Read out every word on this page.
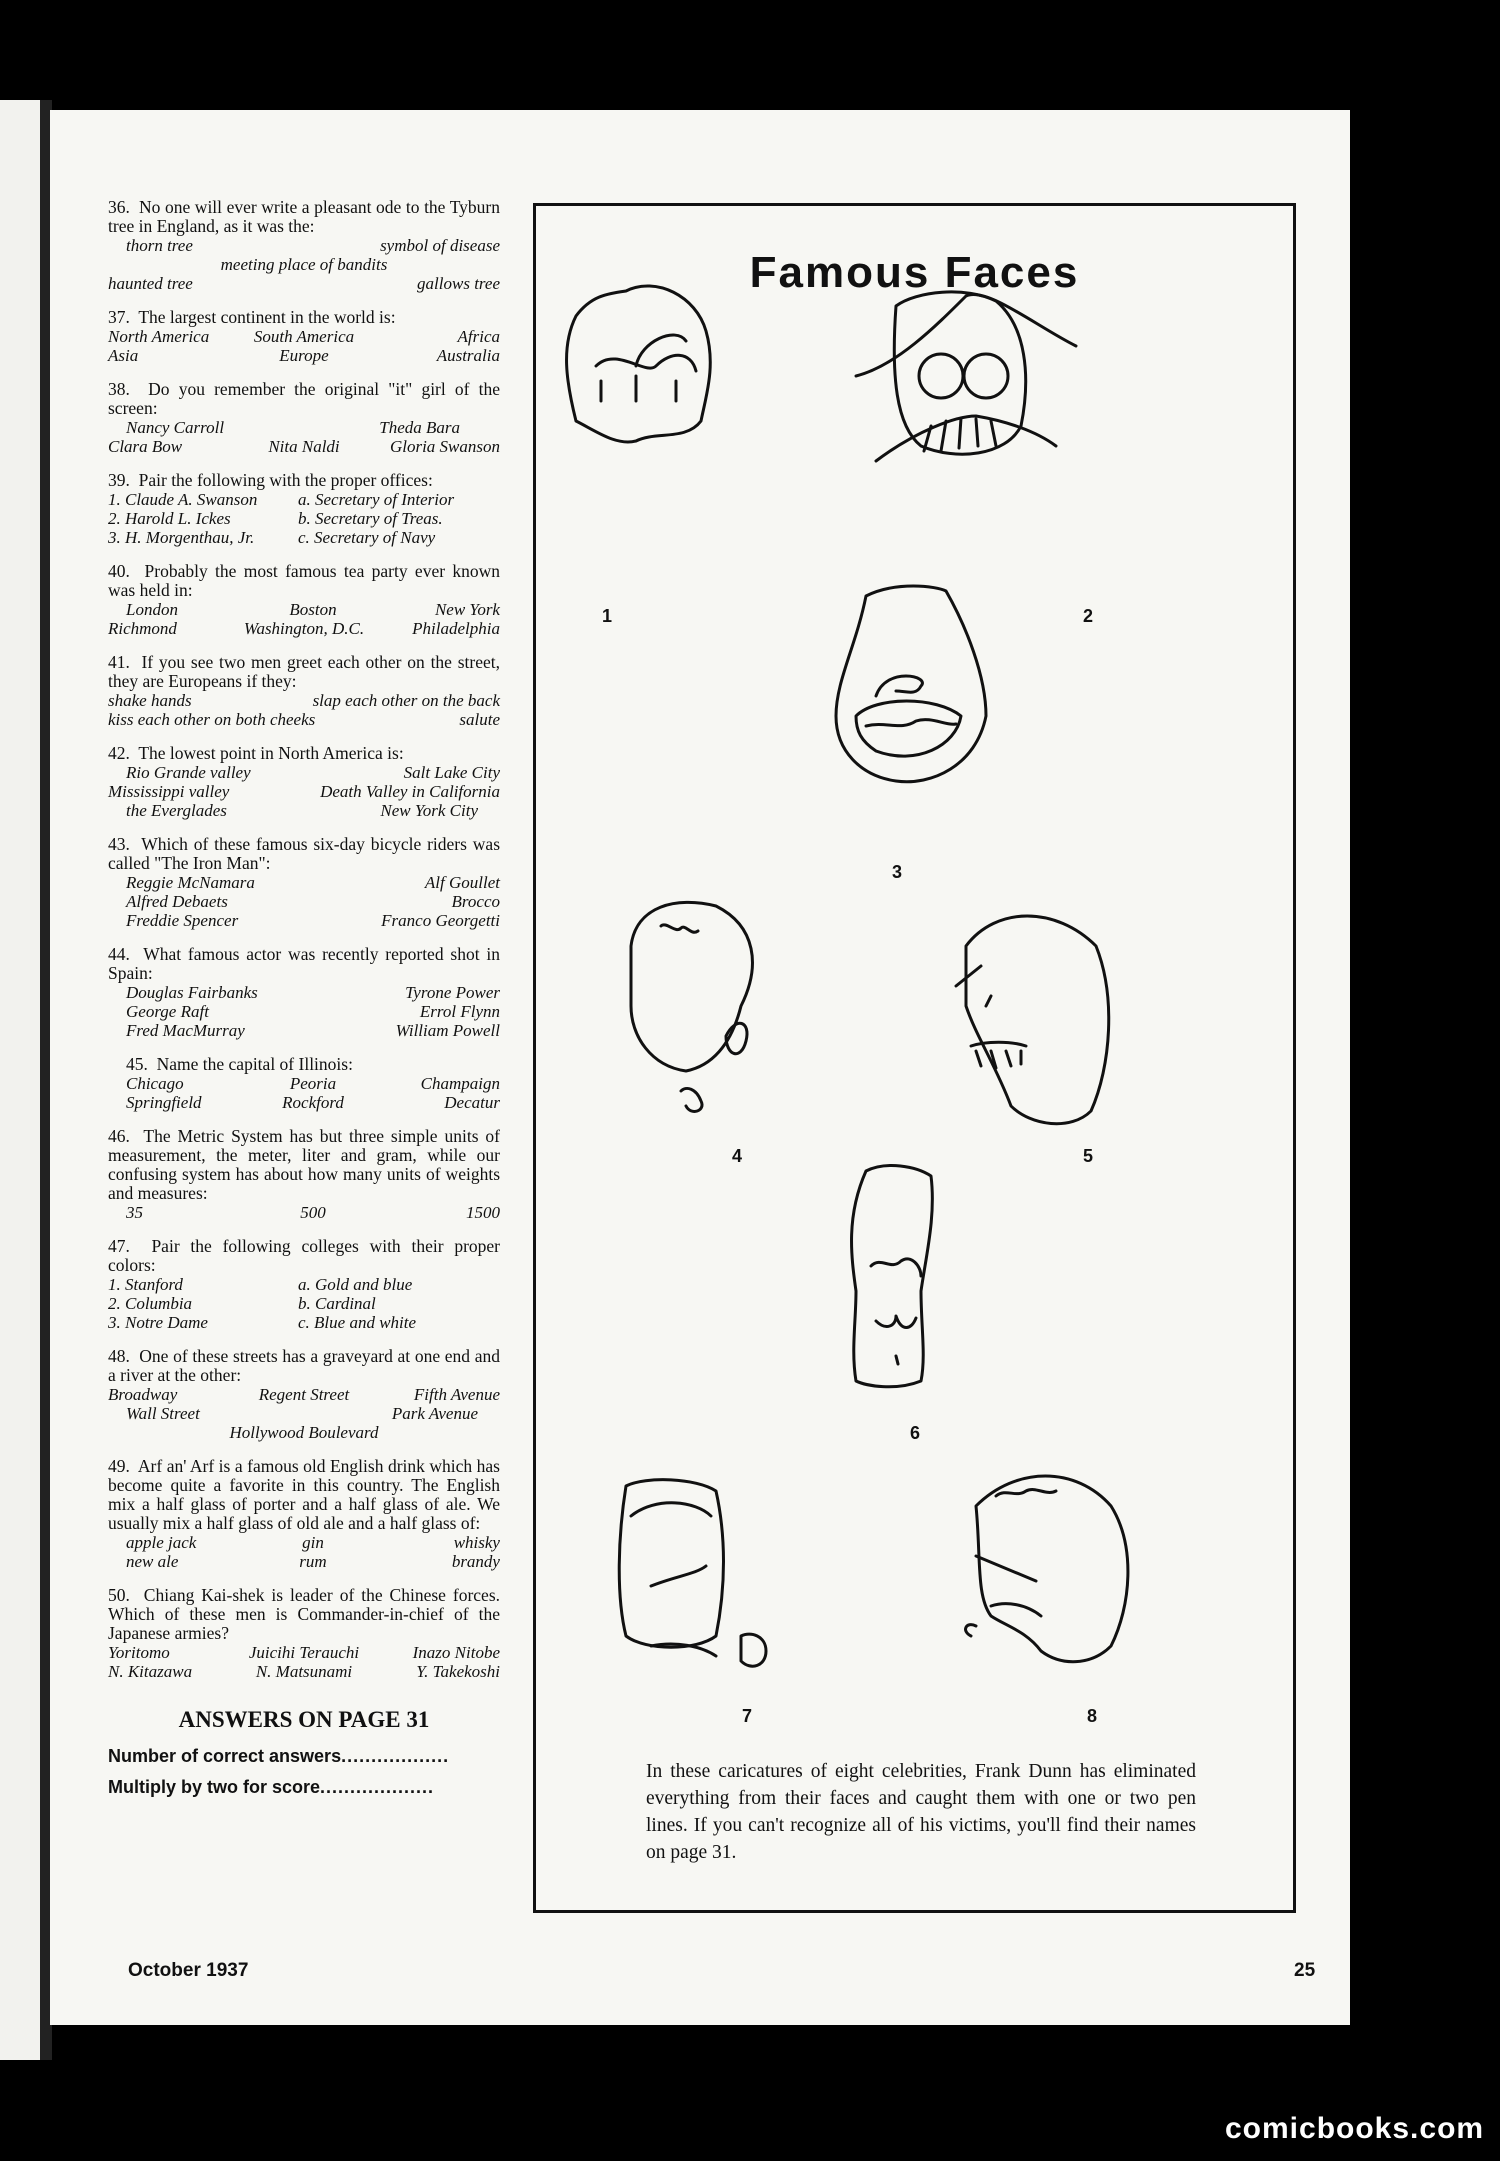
36. No one will ever write a pleasant ode to the Tyburn tree in England, as it was the:
thorn tree	symbol of disease
meeting place of bandits
haunted tree	gallows tree
37. The largest continent in the world is:
North America	South America	Africa
Asia	Europe	Australia
38. Do you remember the original "it" girl of the screen:
Nancy Carroll	Theda Bara
Clara Bow	Nita Naldi	Gloria Swanson
39. Pair the following with the proper offices:
1. Claude A. Swanson	a. Secretary of Interior
2. Harold L. Ickes	b. Secretary of Treas.
3. H. Morgenthau, Jr.	c. Secretary of Navy
40. Probably the most famous tea party ever known was held in:
London	Boston	New York
Richmond	Washington, D.C.	Philadelphia
41. If you see two men greet each other on the street, they are Europeans if they:
shake hands	slap each other on the back
kiss each other on both cheeks	salute
42. The lowest point in North America is:
Rio Grande valley	Salt Lake City
Mississippi valley	Death Valley in California
the Everglades	New York City
43. Which of these famous six-day bicycle riders was called "The Iron Man":
Reggie McNamara	Alf Goullet
Alfred Debaets	Brocco
Freddie Spencer	Franco Georgetti
44. What famous actor was recently reported shot in Spain:
Douglas Fairbanks	Tyrone Power
George Raft	Errol Flynn
Fred MacMurray	William Powell
45. Name the capital of Illinois:
Chicago	Peoria	Champaign
Springfield	Rockford	Decatur
46. The Metric System has but three simple units of measurement, the meter, liter and gram, while our confusing system has about how many units of weights and measures:
35	500	1500
47. Pair the following colleges with their proper colors:
1. Stanford	a. Gold and blue
2. Columbia	b. Cardinal
3. Notre Dame	c. Blue and white
48. One of these streets has a graveyard at one end and a river at the other:
Broadway	Regent Street	Fifth Avenue
Wall Street	Park Avenue
Hollywood Boulevard
49. Arf an' Arf is a famous old English drink which has become quite a favorite in this country. The English mix a half glass of porter and a half glass of ale. We usually mix a half glass of old ale and a half glass of:
apple jack	gin	whisky
new ale	rum	brandy
50. Chiang Kai-shek is leader of the Chinese forces. Which of these men is Commander-in-chief of the Japanese armies?
Yoritomo	Juicihi Terauchi	Inazo Nitobe
N. Kitazawa	N. Matsunami	Y. Takekoshi
ANSWERS ON PAGE 31
Number of correct answers..................
Multiply by two for score...................
Famous Faces
1	2
3
4	5
6
7	8
In these caricatures of eight celebrities, Frank Dunn has eliminated everything from their faces and caught them with one or two pen lines. If you can't recognize all of his victims, you'll find their names on page 31.
October 1937	25
comicbooks.com
